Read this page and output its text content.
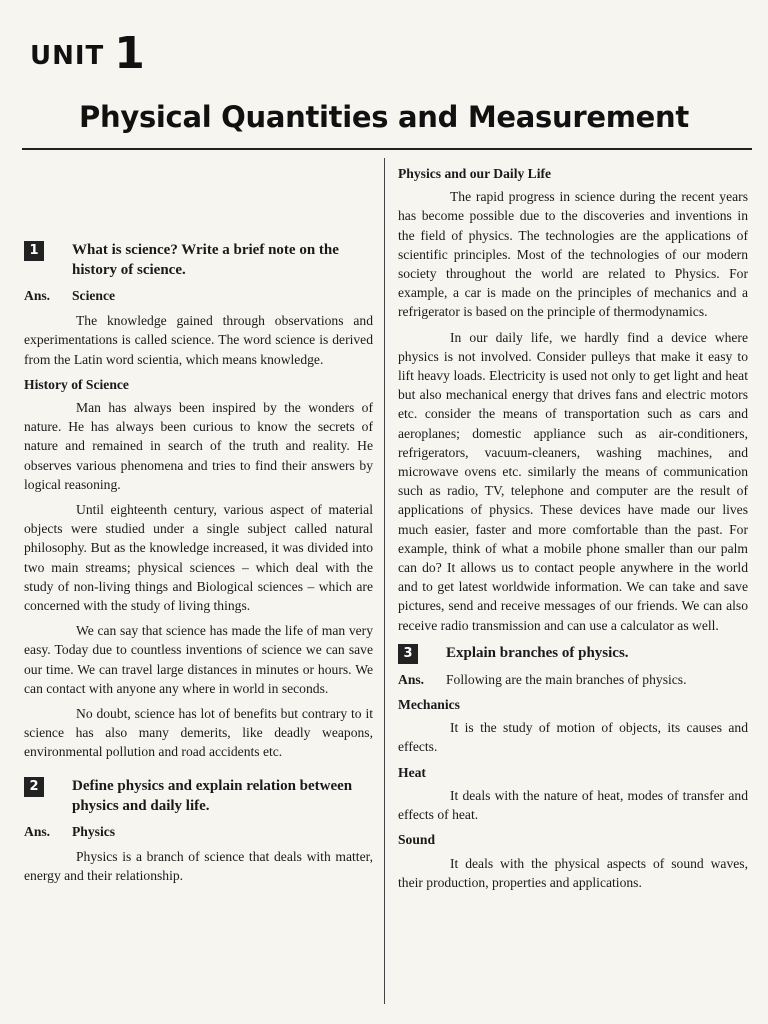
UNIT 1
Physical Quantities and Measurement
1	What is science? Write a brief note on the history of science.
Ans.	Science

The knowledge gained through observations and experimentations is called science. The word science is derived from the Latin word scientia, which means knowledge.

History of Science

Man has always been inspired by the wonders of nature. He has always been curious to know the secrets of nature and remained in search of the truth and reality. He observes various phenomena and tries to find their answers by logical reasoning.

Until eighteenth century, various aspect of material objects were studied under a single subject called natural philosophy. But as the knowledge increased, it was divided into two main streams; physical sciences – which deal with the study of non-living things and Biological sciences – which are concerned with the study of living things.

We can say that science has made the life of man very easy. Today due to countless inventions of science we can save our time. We can travel large distances in minutes or hours. We can contact with anyone any where in world in seconds.

No doubt, science has lot of benefits but contrary to it science has also many demerits, like deadly weapons, environmental pollution and road accidents etc.

2	Define physics and explain relation between physics and daily life.
Ans.	Physics

Physics is a branch of science that deals with matter, energy and their relationship.

Physics and our Daily Life

The rapid progress in science during the recent years has become possible due to the discoveries and inventions in the field of physics. The technologies are the applications of scientific principles. Most of the technologies of our modern society throughout the world are related to Physics. For example, a car is made on the principles of mechanics and a refrigerator is based on the principle of thermodynamics.

In our daily life, we hardly find a device where physics is not involved. Consider pulleys that make it easy to lift heavy loads. Electricity is used not only to get light and heat but also mechanical energy that drives fans and electric motors etc. consider the means of transportation such as cars and aeroplanes; domestic appliance such as air-conditioners, refrigerators, vacuum-cleaners, washing machines, and microwave ovens etc. similarly the means of communication such as radio, TV, telephone and computer are the result of applications of physics. These devices have made our lives much easier, faster and more comfortable than the past. For example, think of what a mobile phone smaller than our palm can do? It allows us to contact people anywhere in the world and to get latest worldwide information. We can take and save pictures, send and receive messages of our friends. We can also receive radio transmission and can use a calculator as well.

3	Explain branches of physics.
Ans.	Following are the main branches of physics.
Mechanics

It is the study of motion of objects, its causes and effects.

Heat

It deals with the nature of heat, modes of transfer and effects of heat.

Sound

It deals with the physical aspects of sound waves, their production, properties and applications.
